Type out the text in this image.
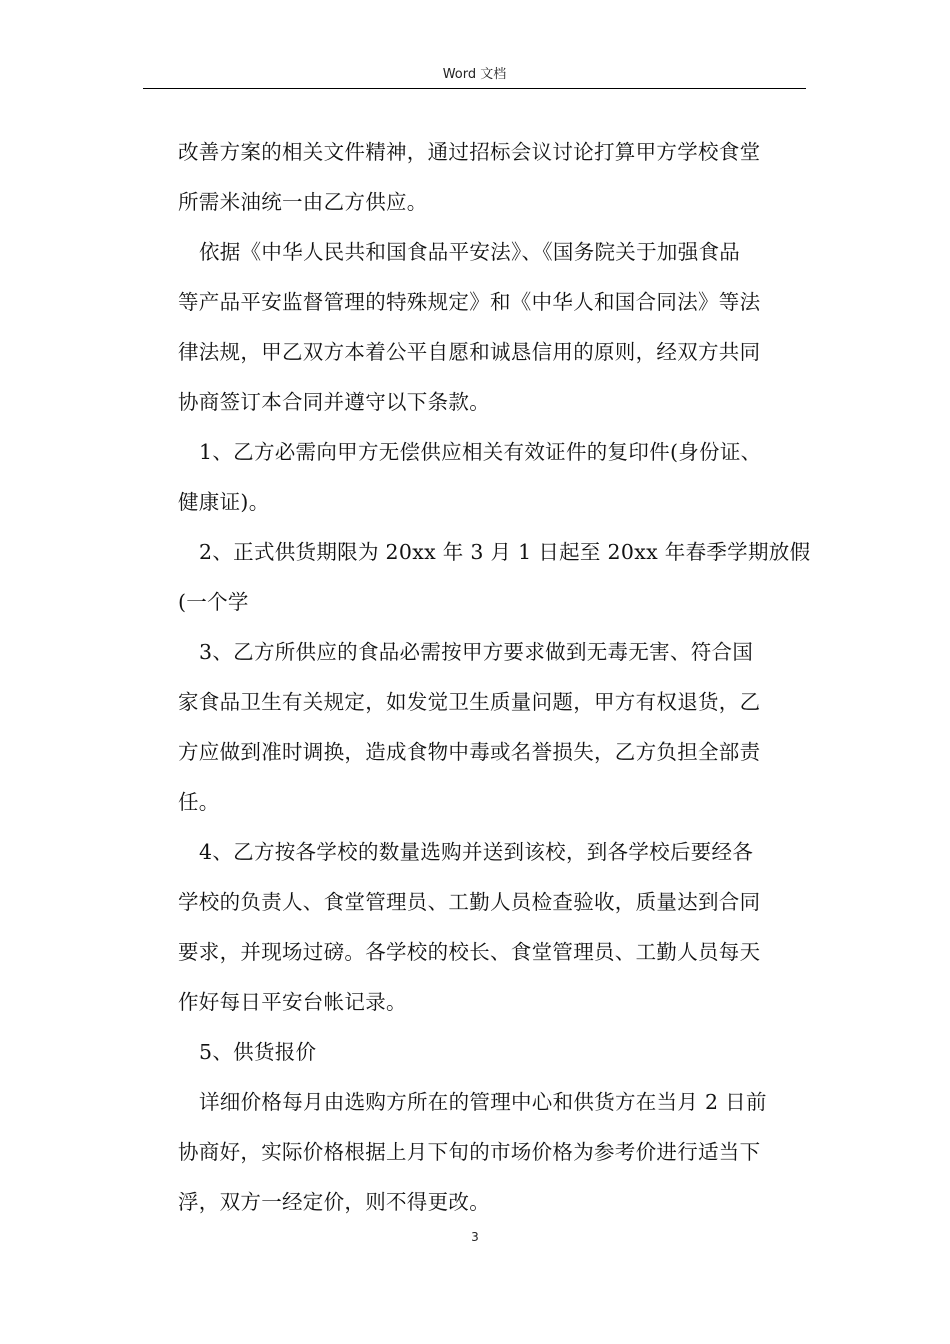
Word 文档
改善方案的相关文件精神，通过招标会议讨论打算甲方学校食堂
所需米油统一由乙方供应。
依据《中华人民共和国食品平安法》、《国务院关于加强食品
等产品平安监督管理的特殊规定》和《中华人和国合同法》等法
律法规，甲乙双方本着公平自愿和诚恳信用的原则，经双方共同
协商签订本合同并遵守以下条款。
1、乙方必需向甲方无偿供应相关有效证件的复印件(身份证、
健康证)。
2、正式供货期限为 20xx 年 3 月 1 日起至 20xx 年春季学期放假
(一个学
3、乙方所供应的食品必需按甲方要求做到无毒无害、符合国
家食品卫生有关规定，如发觉卫生质量问题，甲方有权退货，乙
方应做到准时调换，造成食物中毒或名誉损失，乙方负担全部责
任。
4、乙方按各学校的数量选购并送到该校，到各学校后要经各
学校的负责人、食堂管理员、工勤人员检查验收，质量达到合同
要求，并现场过磅。各学校的校长、食堂管理员、工勤人员每天
作好每日平安台帐记录。
5、供货报价
详细价格每月由选购方所在的管理中心和供货方在当月 2 日前
协商好，实际价格根据上月下旬的市场价格为参考价进行适当下
浮，双方一经定价，则不得更改。
3
